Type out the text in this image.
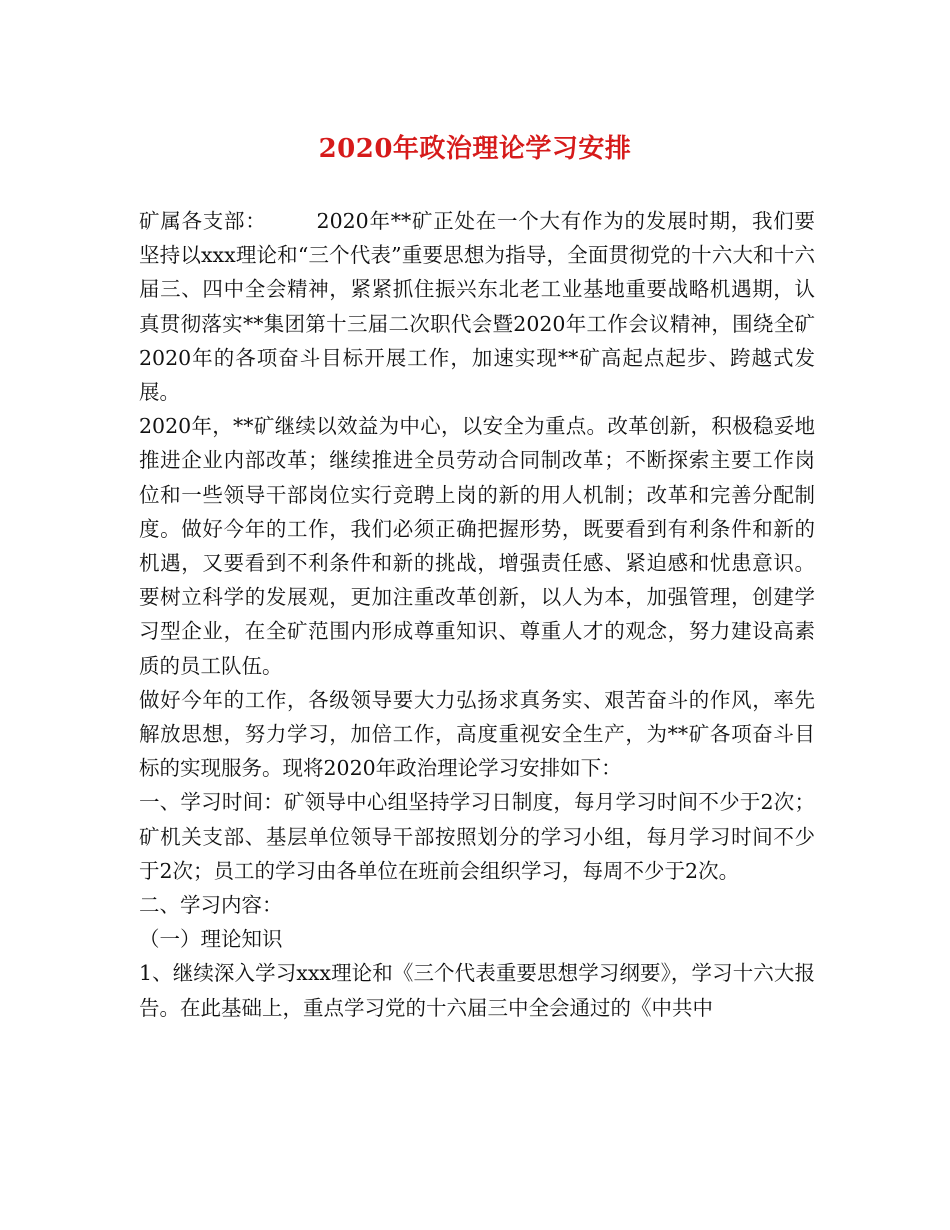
2020年政治理论学习安排

矿属各支部： 2020年**矿正处在一个大有作为的发展时期，我们要坚持以xxx理论和“三个代表”重要思想为指导，全面贯彻党的十六大和十六届三、四中全会精神，紧紧抓住振兴东北老工业基地重要战略机遇期，认真贯彻落实**集团第十三届二次职代会暨2020年工作会议精神，围绕全矿2020年的各项奋斗目标开展工作，加速实现**矿高起点起步、跨越式发展。

2020年，**矿继续以效益为中心，以安全为重点。改革创新，积极稳妥地推进企业内部改革；继续推进全员劳动合同制改革；不断探索主要工作岗位和一些领导干部岗位实行竞聘上岗的新的用人机制；改革和完善分配制度。做好今年的工作，我们必须正确把握形势，既要看到有利条件和新的机遇，又要看到不利条件和新的挑战，增强责任感、紧迫感和忧患意识。要树立科学的发展观，更加注重改革创新，以人为本，加强管理，创建学习型企业，在全矿范围内形成尊重知识、尊重人才的观念，努力建设高素质的员工队伍。

做好今年的工作，各级领导要大力弘扬求真务实、艰苦奋斗的作风，率先解放思想，努力学习，加倍工作，高度重视安全生产，为**矿各项奋斗目标的实现服务。现将2020年政治理论学习安排如下：

一、学习时间：矿领导中心组坚持学习日制度，每月学习时间不少于2次；矿机关支部、基层单位领导干部按照划分的学习小组，每月学习时间不少于2次；员工的学习由各单位在班前会组织学习，每周不少于2次。

二、学习内容：

（一）理论知识

1、继续深入学习xxx理论和《三个代表重要思想学习纲要》，学习十六大报告。在此基础上，重点学习党的十六届三中全会通过的《中共中
